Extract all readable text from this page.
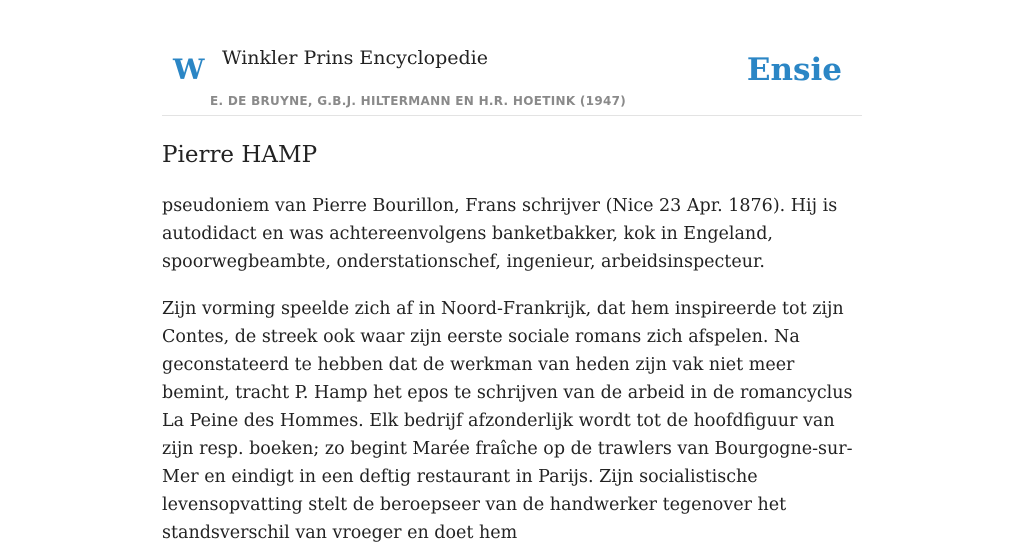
W Winkler Prins Encyclopedie
E. DE BRUYNE, G.B.J. HILTERMANN EN H.R. HOETINK (1947)
Ensie
Pierre HAMP

pseudoniem van Pierre Bourillon, Frans schrijver (Nice 23 Apr. 1876). Hij is autodidact en was achtereenvolgens banketbakker, kok in Engeland, spoorwegbeambte, onderstationschef, ingenieur, arbeidsinspecteur.

Zijn vorming speelde zich af in Noord-Frankrijk, dat hem inspireerde tot zijn Contes, de streek ook waar zijn eerste sociale romans zich afspelen. Na geconstateerd te hebben dat de werkman van heden zijn vak niet meer bemint, tracht P. Hamp het epos te schrijven van de arbeid in de romancyclus La Peine des Hommes. Elk bedrijf afzonderlijk wordt tot de hoofdfiguur van zijn resp. boeken; zo begint Marée fraîche op de trawlers van Bourgogne-sur-Mer en eindigt in een deftig restaurant in Parijs. Zijn socialistische levensopvatting stelt de beroepseer van de handwerker tegenover het standsverschil van vroeger en doet hem
